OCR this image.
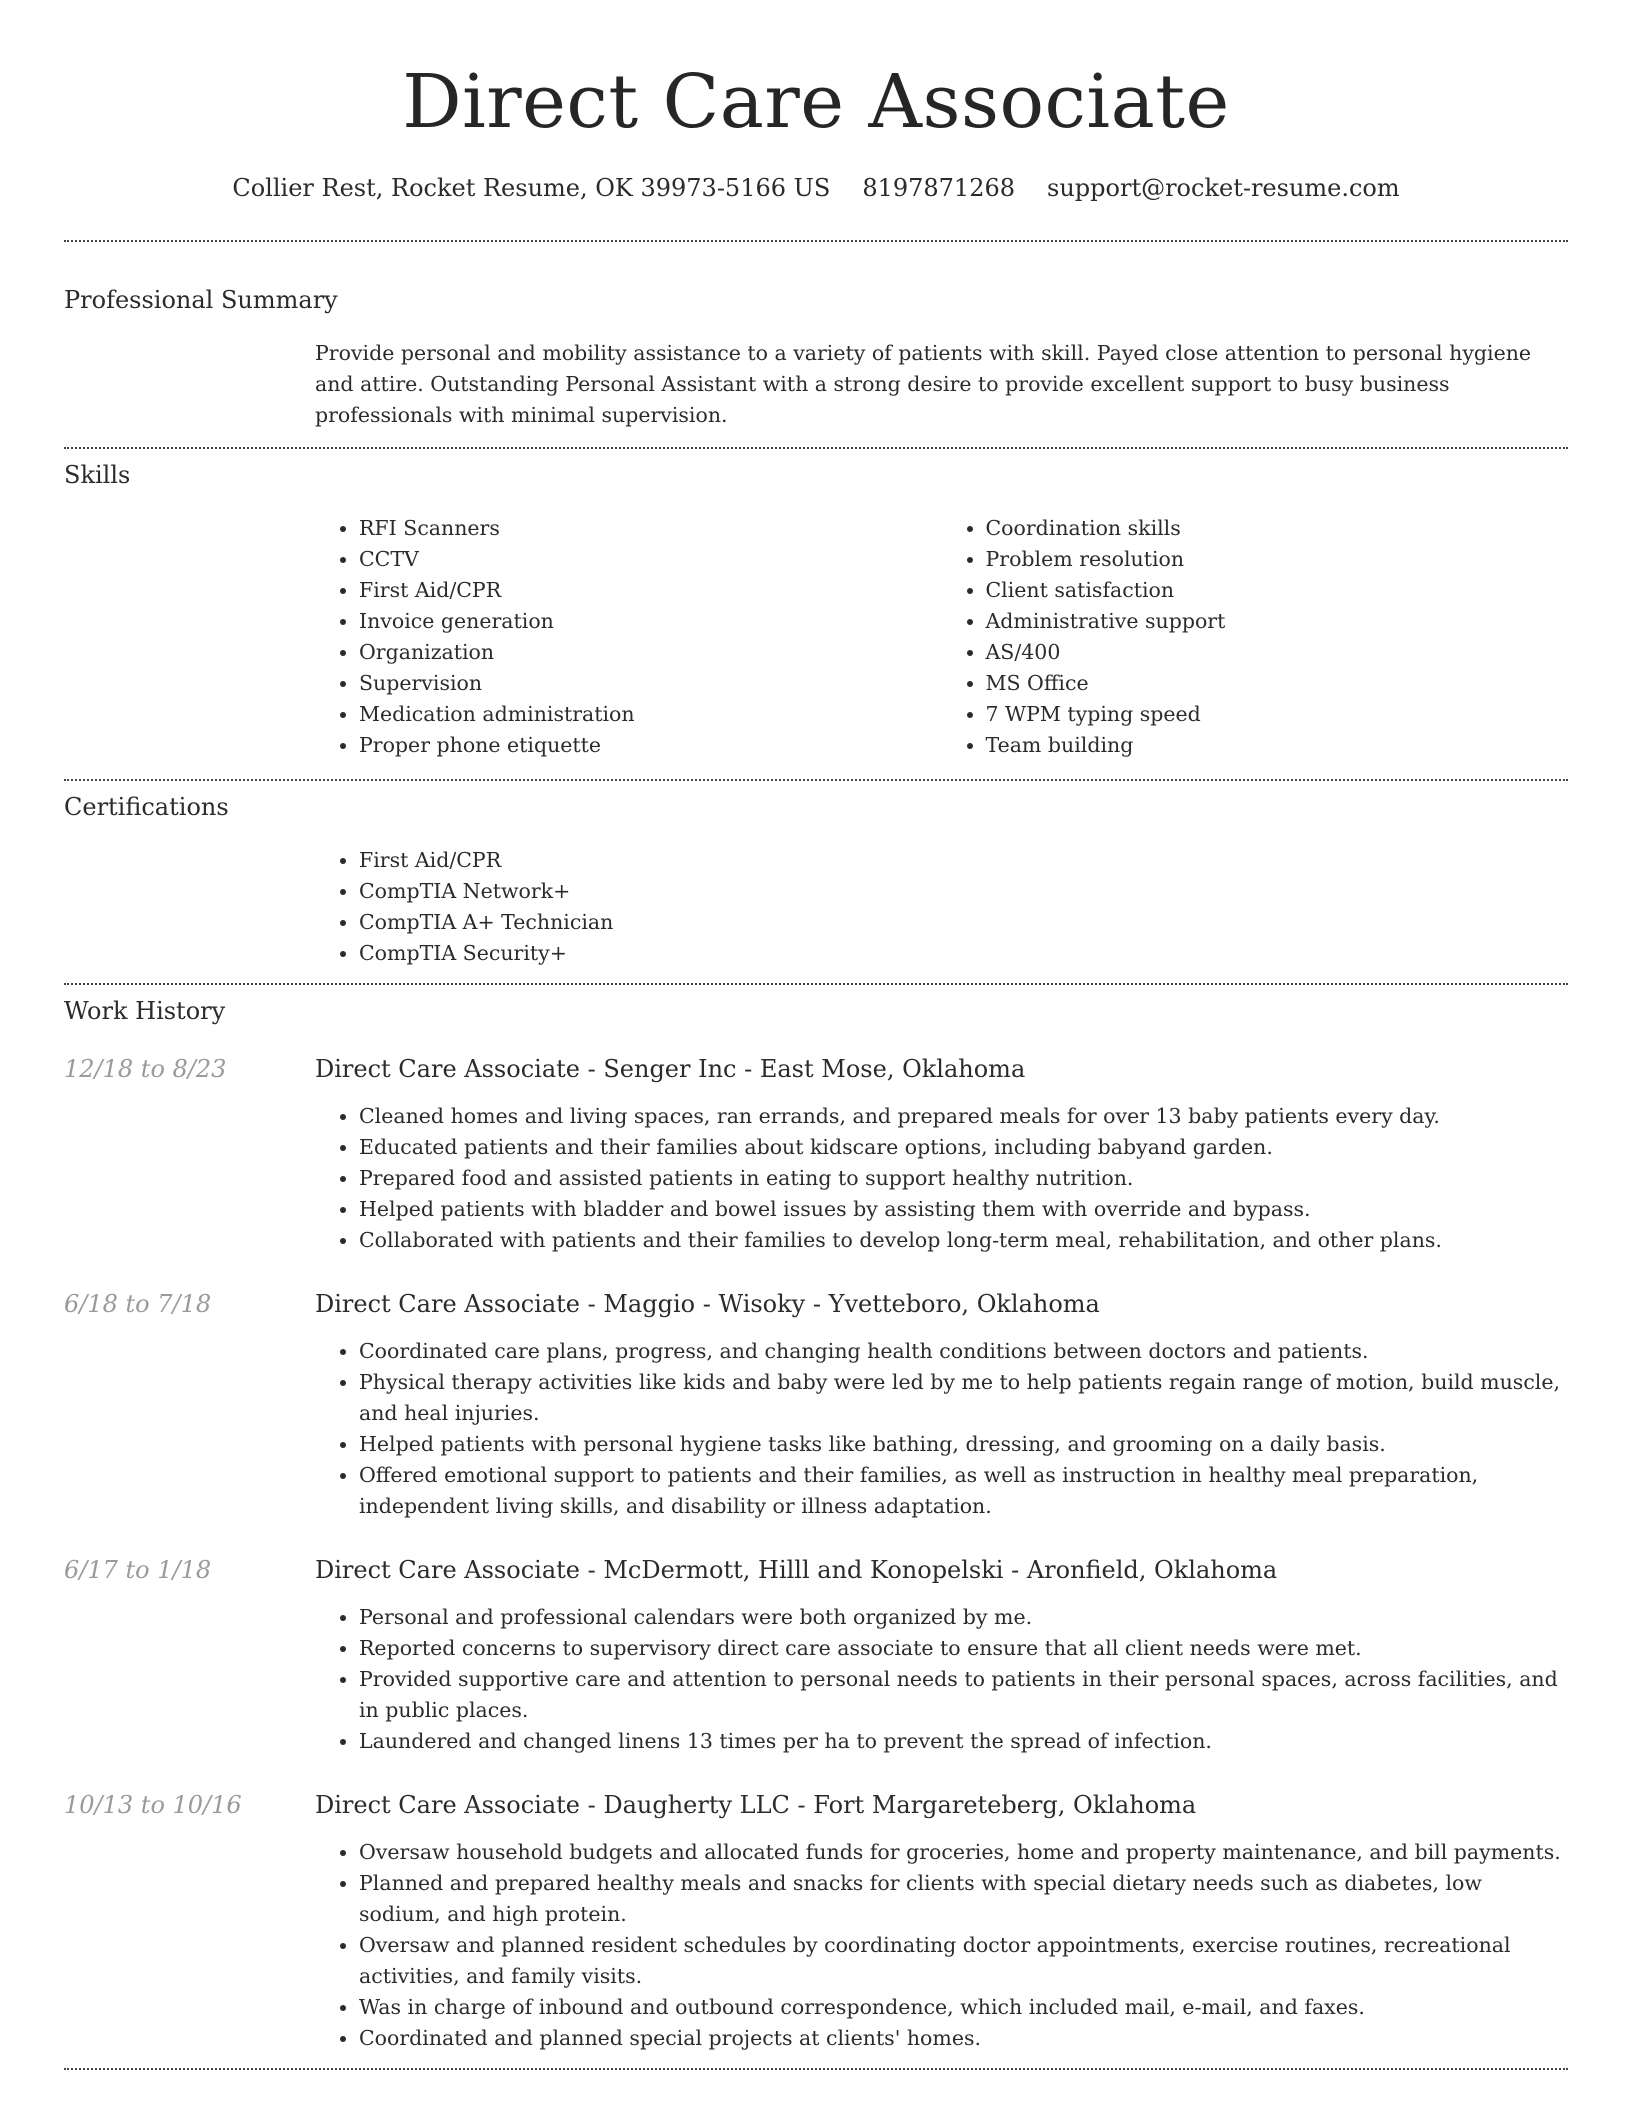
Direct Care Associate
Collier Rest, Rocket Resume, OK 39973-5166 US 8197871268 support@rocket-resume.com
Professional Summary

Provide personal and mobility assistance to a variety of patients with skill. Payed close attention to personal hygiene and attire. Outstanding Personal Assistant with a strong desire to provide excellent support to busy business professionals with minimal supervision.

Skills
• RFI Scanners
• CCTV
• First Aid/CPR
• Invoice generation
• Organization
• Supervision
• Medication administration
• Proper phone etiquette
• Coordination skills
• Problem resolution
• Client satisfaction
• Administrative support
• AS/400
• MS Office
• 7 WPM typing speed
• Team building
Certifications
• First Aid/CPR
• CompTIA Network+
• CompTIA A+ Technician
• CompTIA Security+
Work History
12/18 to 8/23	Direct Care Associate - Senger Inc - East Mose, Oklahoma
• Cleaned homes and living spaces, ran errands, and prepared meals for over 13 baby patients every day.
• Educated patients and their families about kidscare options, including babyand garden.
• Prepared food and assisted patients in eating to support healthy nutrition.
• Helped patients with bladder and bowel issues by assisting them with override and bypass.
• Collaborated with patients and their families to develop long-term meal, rehabilitation, and other plans.
6/18 to 7/18	Direct Care Associate - Maggio - Wisoky - Yvetteboro, Oklahoma
• Coordinated care plans, progress, and changing health conditions between doctors and patients.
• Physical therapy activities like kids and baby were led by me to help patients regain range of motion, build muscle, and heal injuries.
• Helped patients with personal hygiene tasks like bathing, dressing, and grooming on a daily basis.
• Offered emotional support to patients and their families, as well as instruction in healthy meal preparation, independent living skills, and disability or illness adaptation.
6/17 to 1/18	Direct Care Associate - McDermott, Hilll and Konopelski - Aronfield, Oklahoma
• Personal and professional calendars were both organized by me.
• Reported concerns to supervisory direct care associate to ensure that all client needs were met.
• Provided supportive care and attention to personal needs to patients in their personal spaces, across facilities, and in public places.
• Laundered and changed linens 13 times per ha to prevent the spread of infection.
10/13 to 10/16	Direct Care Associate - Daugherty LLC - Fort Margareteberg, Oklahoma
• Oversaw household budgets and allocated funds for groceries, home and property maintenance, and bill payments.
• Planned and prepared healthy meals and snacks for clients with special dietary needs such as diabetes, low sodium, and high protein.
• Oversaw and planned resident schedules by coordinating doctor appointments, exercise routines, recreational activities, and family visits.
• Was in charge of inbound and outbound correspondence, which included mail, e-mail, and faxes.
• Coordinated and planned special projects at clients' homes.
